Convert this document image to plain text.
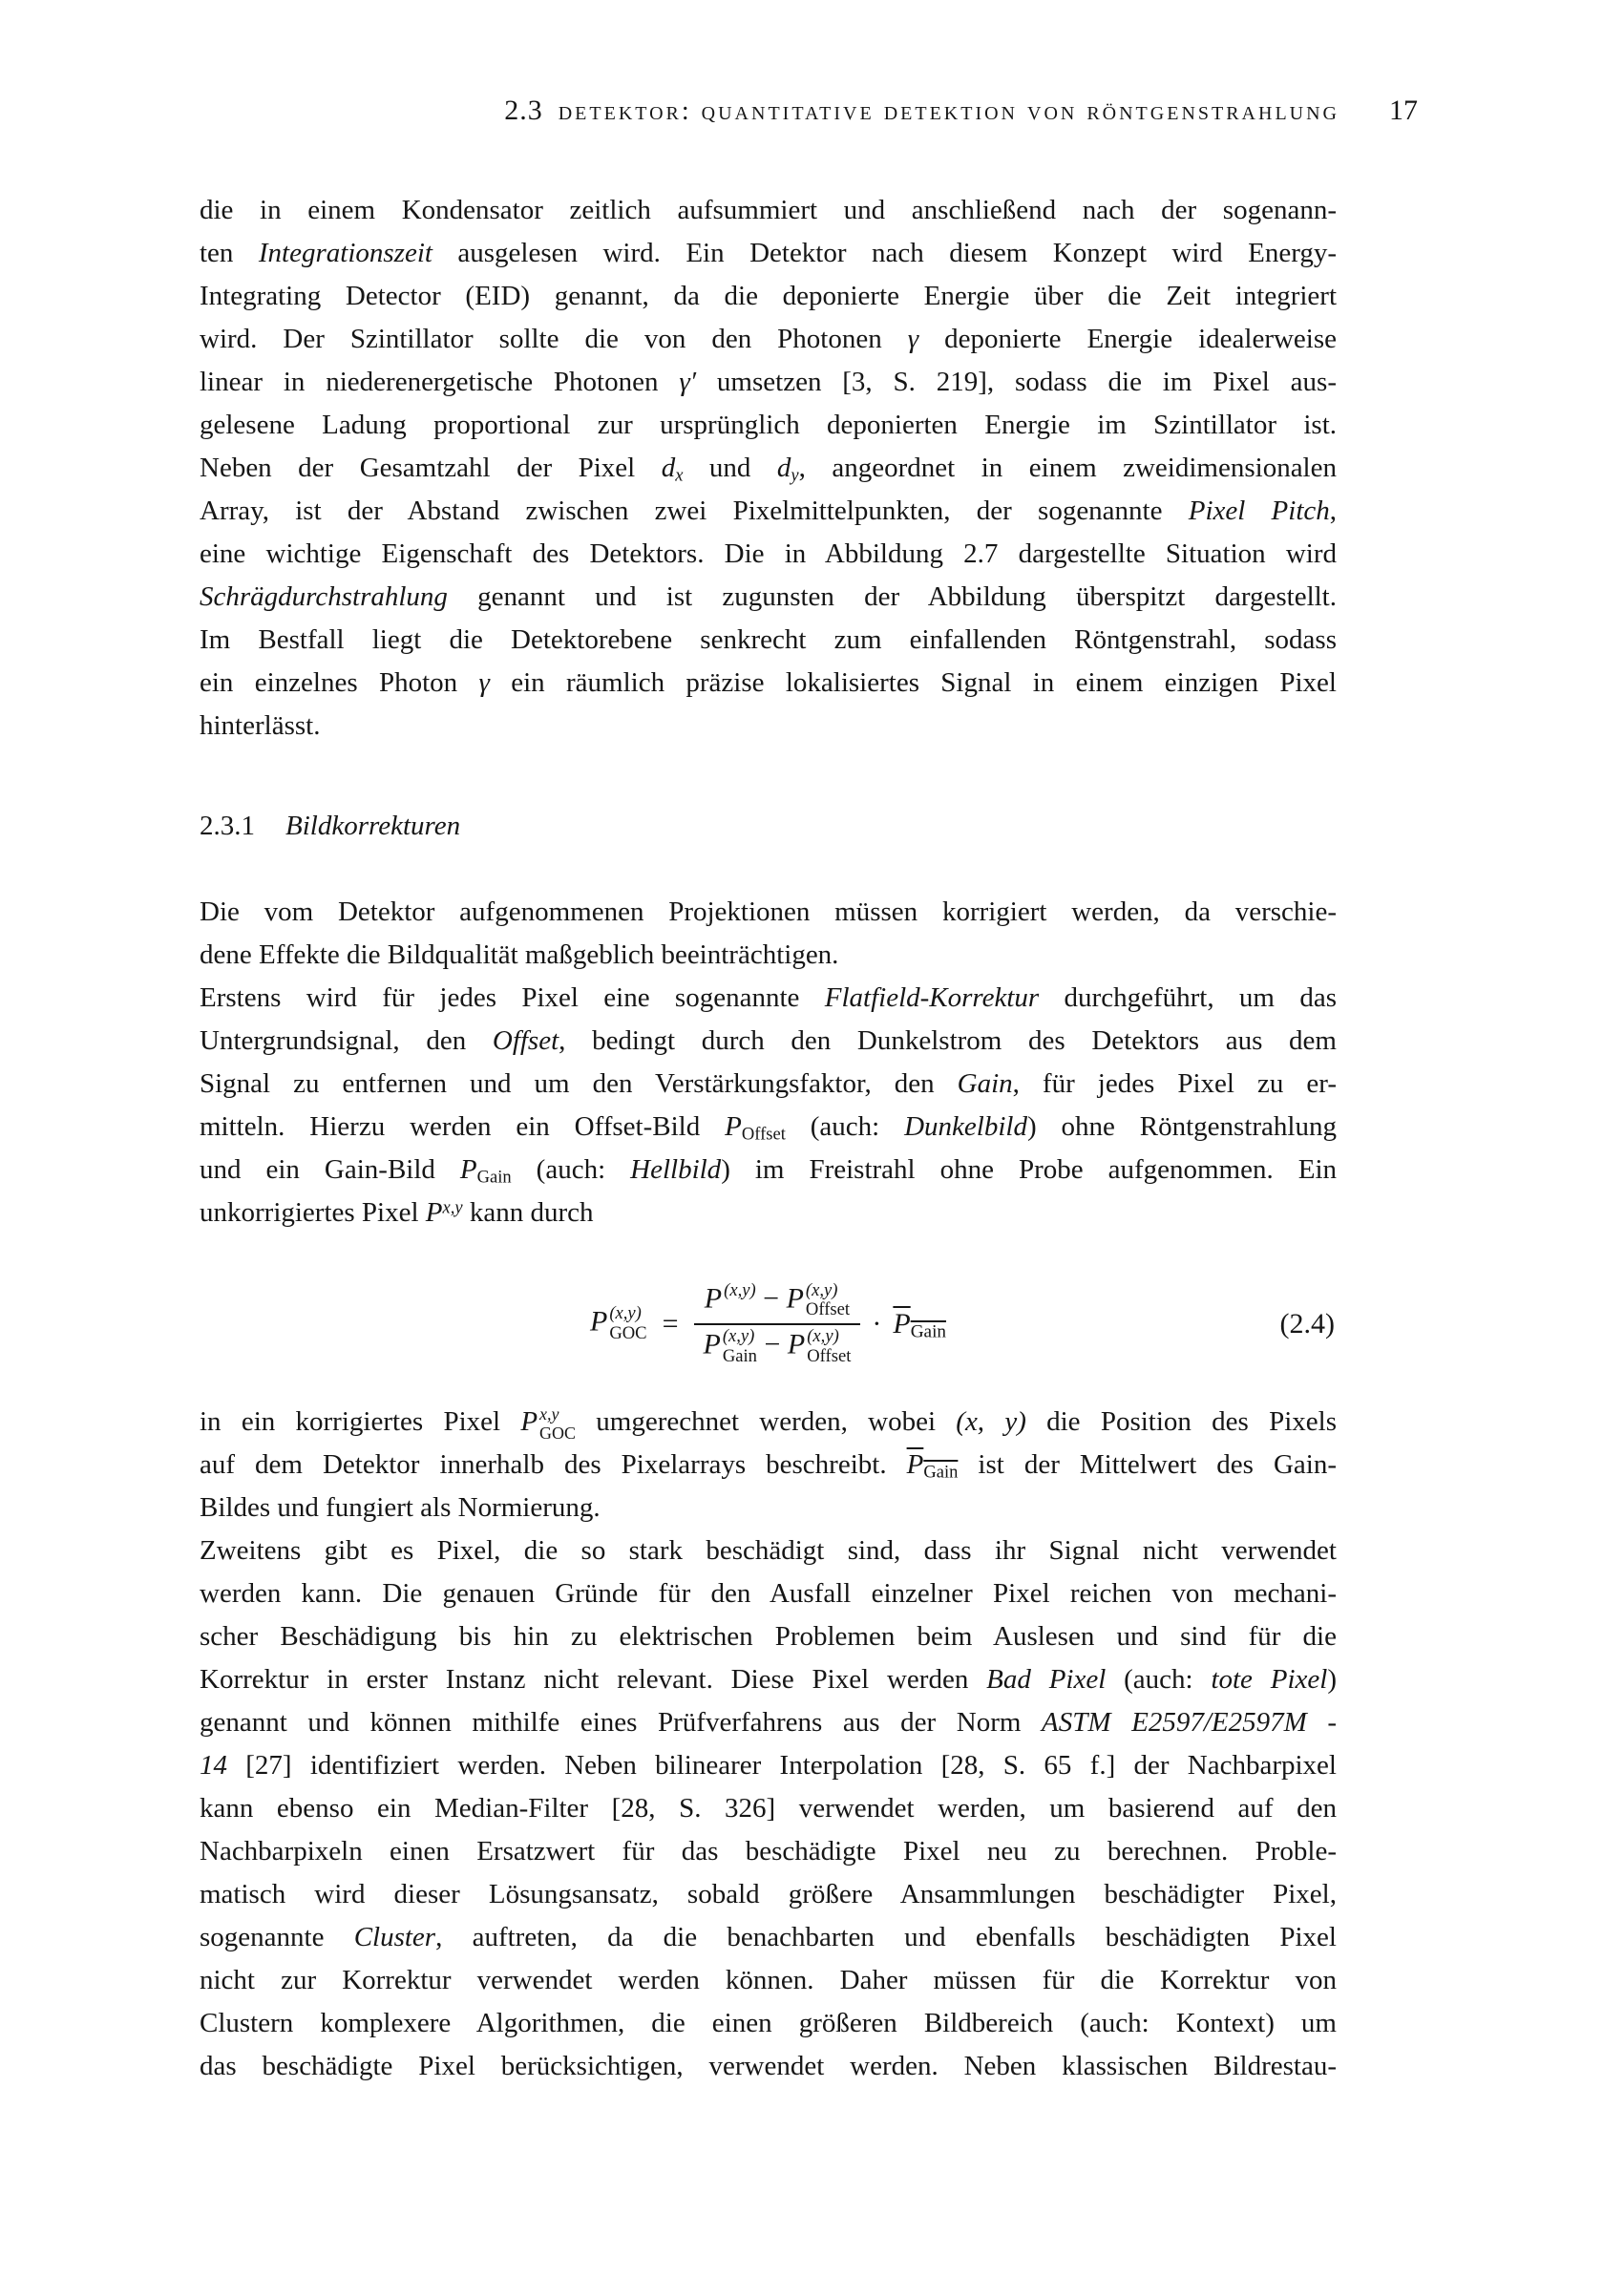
2.3 detektor: quantitative detektion von röntgenstrahlung 17
die in einem Kondensator zeitlich aufsummiert und anschließend nach der sogenann-
ten Integrationszeit ausgelesen wird. Ein Detektor nach diesem Konzept wird Energy-
Integrating Detector (EID) genannt, da die deponierte Energie über die Zeit integriert
wird. Der Szintillator sollte die von den Photonen γ deponierte Energie idealerweise
linear in niederenergetische Photonen γ′ umsetzen [3, S. 219], sodass die im Pixel aus-
gelesene Ladung proportional zur ursprünglich deponierten Energie im Szintillator ist.
Neben der Gesamtzahl der Pixel dx und dy, angeordnet in einem zweidimensionalen
Array, ist der Abstand zwischen zwei Pixelmittelpunkten, der sogenannte Pixel Pitch,
eine wichtige Eigenschaft des Detektors. Die in Abbildung 2.7 dargestellte Situation wird
Schrägdurchstrahlung genannt und ist zugunsten der Abbildung überspitzt dargestellt.
Im Bestfall liegt die Detektorebene senkrecht zum einfallenden Röntgenstrahl, sodass
ein einzelnes Photon γ ein räumlich präzise lokalisiertes Signal in einem einzigen Pixel
hinterlässt.
2.3.1 Bildkorrekturen
Die vom Detektor aufgenommenen Projektionen müssen korrigiert werden, da verschie-
dene Effekte die Bildqualität maßgeblich beeinträchtigen.
Erstens wird für jedes Pixel eine sogenannte Flatfield-Korrektur durchgeführt, um das
Untergrundsignal, den Offset, bedingt durch den Dunkelstrom des Detektors aus dem
Signal zu entfernen und um den Verstärkungsfaktor, den Gain, für jedes Pixel zu er-
mitteln. Hierzu werden ein Offset-Bild POffset (auch: Dunkelbild) ohne Röntgenstrahlung
und ein Gain-Bild PGain (auch: Hellbild) im Freistrahl ohne Probe aufgenommen. Ein
unkorrigiertes Pixel P$^{x,y}$ kann durch
P (x,y)
GOC = P (x,y)
− P (x,y)
Offset
P (x,y)
Gain − P (x,y)
Offset · PGain	(2.4)
in ein korrigiertes Pixel P x,y
GOC umgerechnet werden, wobei (x, y) die Position des Pixels
auf dem Detektor innerhalb des Pixelarrays beschreibt. PGain ist der Mittelwert des Gain-
Bildes und fungiert als Normierung.
Zweitens gibt es Pixel, die so stark beschädigt sind, dass ihr Signal nicht verwendet
werden kann. Die genauen Gründe für den Ausfall einzelner Pixel reichen von mechani-
scher Beschädigung bis hin zu elektrischen Problemen beim Auslesen und sind für die
Korrektur in erster Instanz nicht relevant. Diese Pixel werden Bad Pixel (auch: tote Pixel)
genannt und können mithilfe eines Prüfverfahrens aus der Norm ASTM E2597/E2597M -
14 [27] identifiziert werden. Neben bilinearer Interpolation [28, S. 65 f.] der Nachbarpixel
kann ebenso ein Median-Filter [28, S. 326] verwendet werden, um basierend auf den
Nachbarpixeln einen Ersatzwert für das beschädigte Pixel neu zu berechnen. Proble-
matisch wird dieser Lösungsansatz, sobald größere Ansammlungen beschädigter Pixel,
sogenannte Cluster, auftreten, da die benachbarten und ebenfalls beschädigten Pixel
nicht zur Korrektur verwendet werden können. Daher müssen für die Korrektur von
Clustern komplexere Algorithmen, die einen größeren Bildbereich (auch: Kontext) um
das beschädigte Pixel berücksichtigen, verwendet werden. Neben klassischen Bildrestau-
